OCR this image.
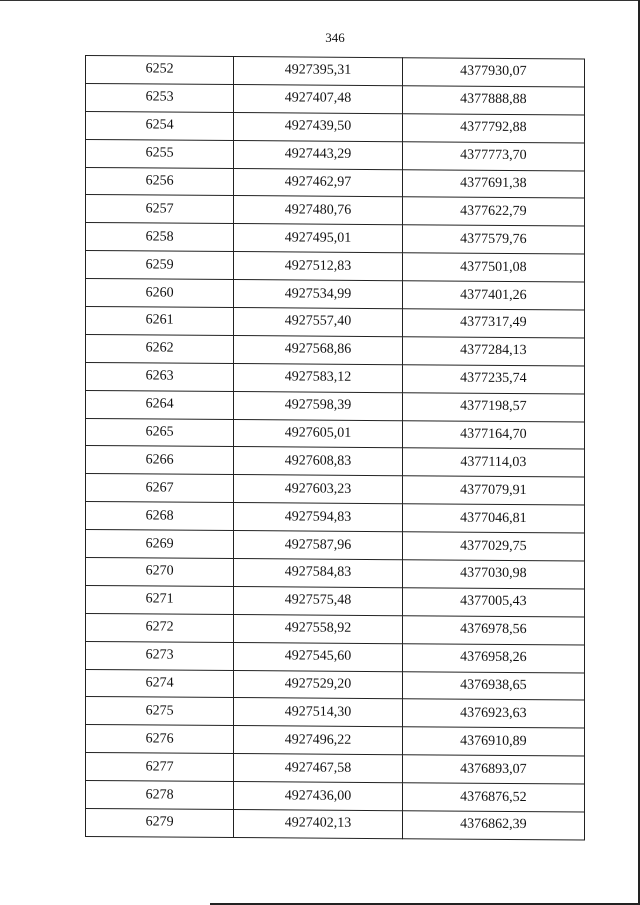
346
6252	4927395,31	4377930,07
6253	4927407,48	4377888,88
6254	4927439,50	4377792,88
6255	4927443,29	4377773,70
6256	4927462,97	4377691,38
6257	4927480,76	4377622,79
6258	4927495,01	4377579,76
6259	4927512,83	4377501,08
6260	4927534,99	4377401,26
6261	4927557,40	4377317,49
6262	4927568,86	4377284,13
6263	4927583,12	4377235,74
6264	4927598,39	4377198,57
6265	4927605,01	4377164,70
6266	4927608,83	4377114,03
6267	4927603,23	4377079,91
6268	4927594,83	4377046,81
6269	4927587,96	4377029,75
6270	4927584,83	4377030,98
6271	4927575,48	4377005,43
6272	4927558,92	4376978,56
6273	4927545,60	4376958,26
6274	4927529,20	4376938,65
6275	4927514,30	4376923,63
6276	4927496,22	4376910,89
6277	4927467,58	4376893,07
6278	4927436,00	4376876,52
6279	4927402,13	4376862,39
